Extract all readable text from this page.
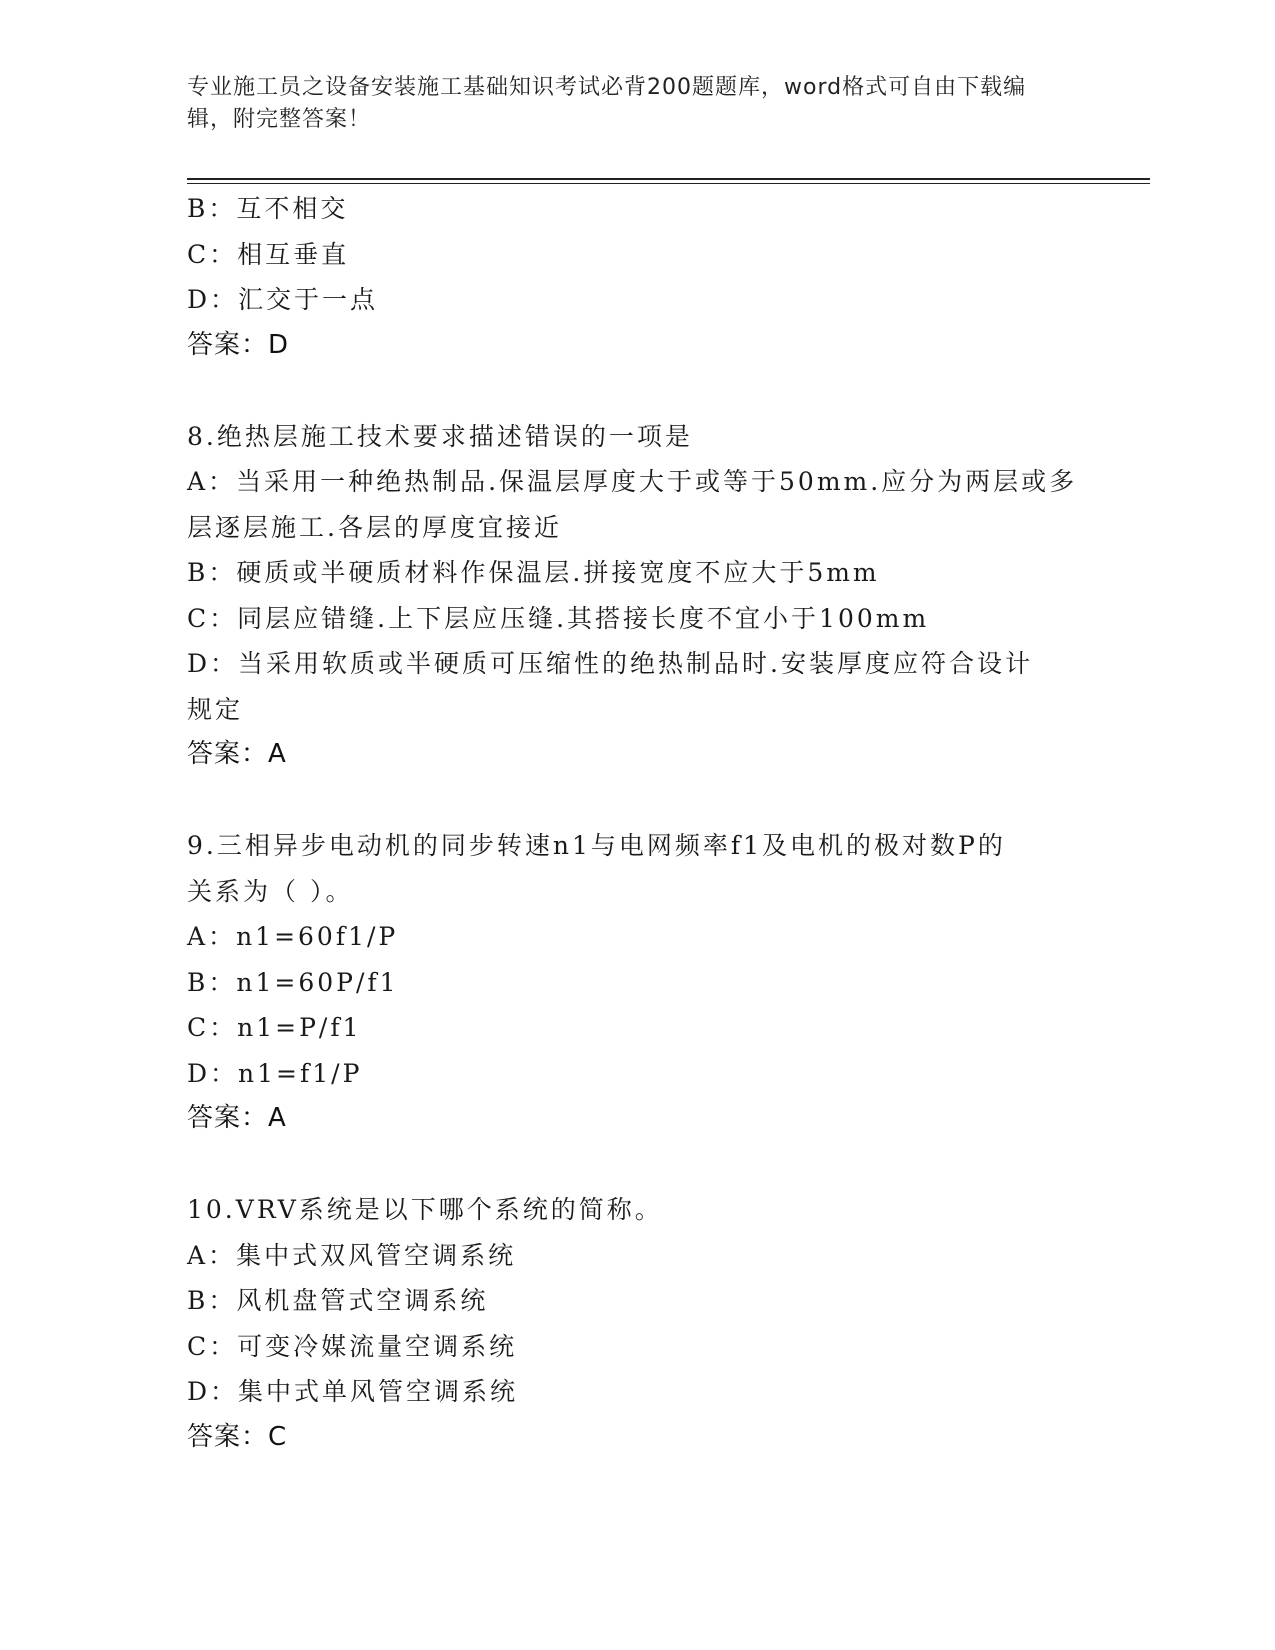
专业施工员之设备安装施工基础知识考试必背200题题库，word格式可自由下载编辑，附完整答案！
B：互不相交
C：相互垂直
D：汇交于一点
答案：D
8.绝热层施工技术要求描述错误的一项是
A：当采用一种绝热制品.保温层厚度大于或等于50mm.应分为两层或多
层逐层施工.各层的厚度宜接近
B：硬质或半硬质材料作保温层.拼接宽度不应大于5mm
C：同层应错缝.上下层应压缝.其搭接长度不宜小于100mm
D：当采用软质或半硬质可压缩性的绝热制品时.安装厚度应符合设计
规定
答案：A
9.三相异步电动机的同步转速n1与电网频率f1及电机的极对数P的
关系为（ ）。
A：n1=60f1/P
B：n1=60P/f1
C：n1=P/f1
D：n1=f1/P
答案：A
10.VRV系统是以下哪个系统的简称。
A：集中式双风管空调系统
B：风机盘管式空调系统
C：可变冷媒流量空调系统
D：集中式单风管空调系统
答案：C
